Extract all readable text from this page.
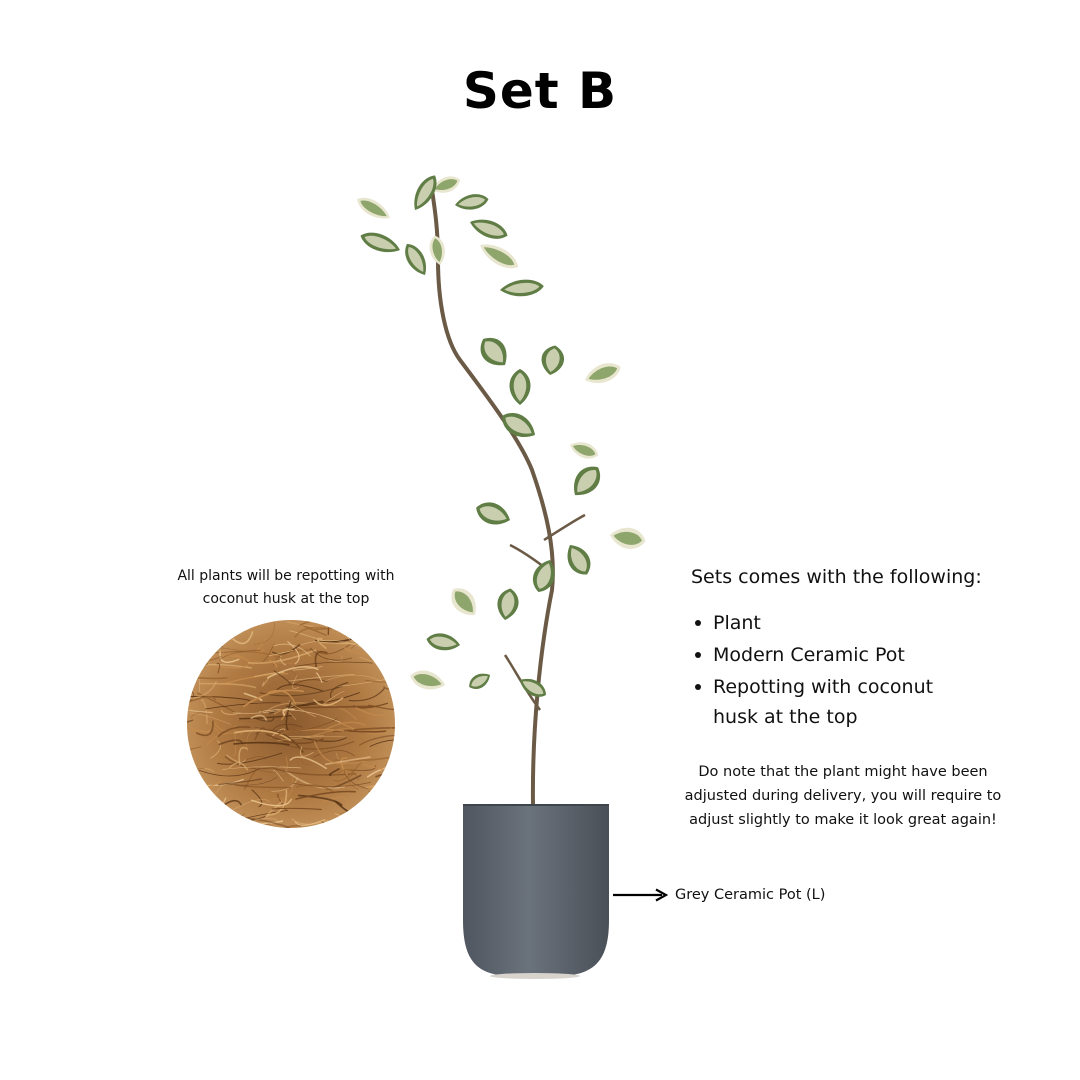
Set B
All plants will be repotting with coconut husk at the top
Sets comes with the following:
Plant
Modern Ceramic Pot
Repotting with coconut husk at the top
Do note that the plant might have been adjusted during delivery, you will require to adjust slightly to make it look great again!
Grey Ceramic Pot (L)
